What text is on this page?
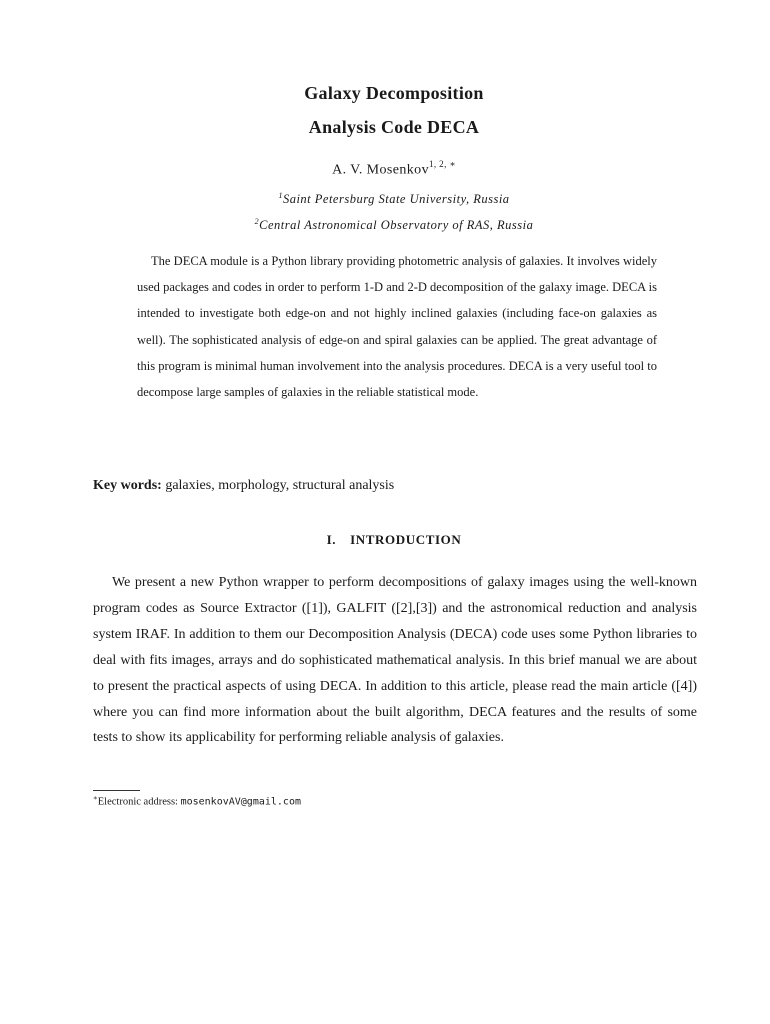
Galaxy Decomposition
Analysis Code DECA
A. V. Mosenkov$^{1, 2, ∗}$
$^1$Saint Petersburg State University, Russia
$^2$Central Astronomical Observatory of RAS, Russia
The DECA module is a Python library providing photometric analysis of galaxies. It involves widely used packages and codes in order to perform 1-D and 2-D decomposition of the galaxy image. DECA is intended to investigate both edge-on and not highly inclined galaxies (including face-on galaxies as well). The sophisticated analysis of edge-on and spiral galaxies can be applied. The great advantage of this program is minimal human involvement into the analysis procedures. DECA is a very useful tool to decompose large samples of galaxies in the reliable statistical mode.
Key words: galaxies, morphology, structural analysis
I. INTRODUCTION
We present a new Python wrapper to perform decompositions of galaxy images using the well-known program codes as Source Extractor ([1]), GALFIT ([2],[3]) and the astronomical reduction and analysis system IRAF. In addition to them our Decomposition Analysis (DECA) code uses some Python libraries to deal with fits images, arrays and do sophisticated mathematical analysis. In this brief manual we are about to present the practical aspects of using DECA. In addition to this article, please read the main article ([4]) where you can find more information about the built algorithm, DECA features and the results of some tests to show its applicability for performing reliable analysis of galaxies.
∗Electronic address: mosenkovAV@gmail.com
